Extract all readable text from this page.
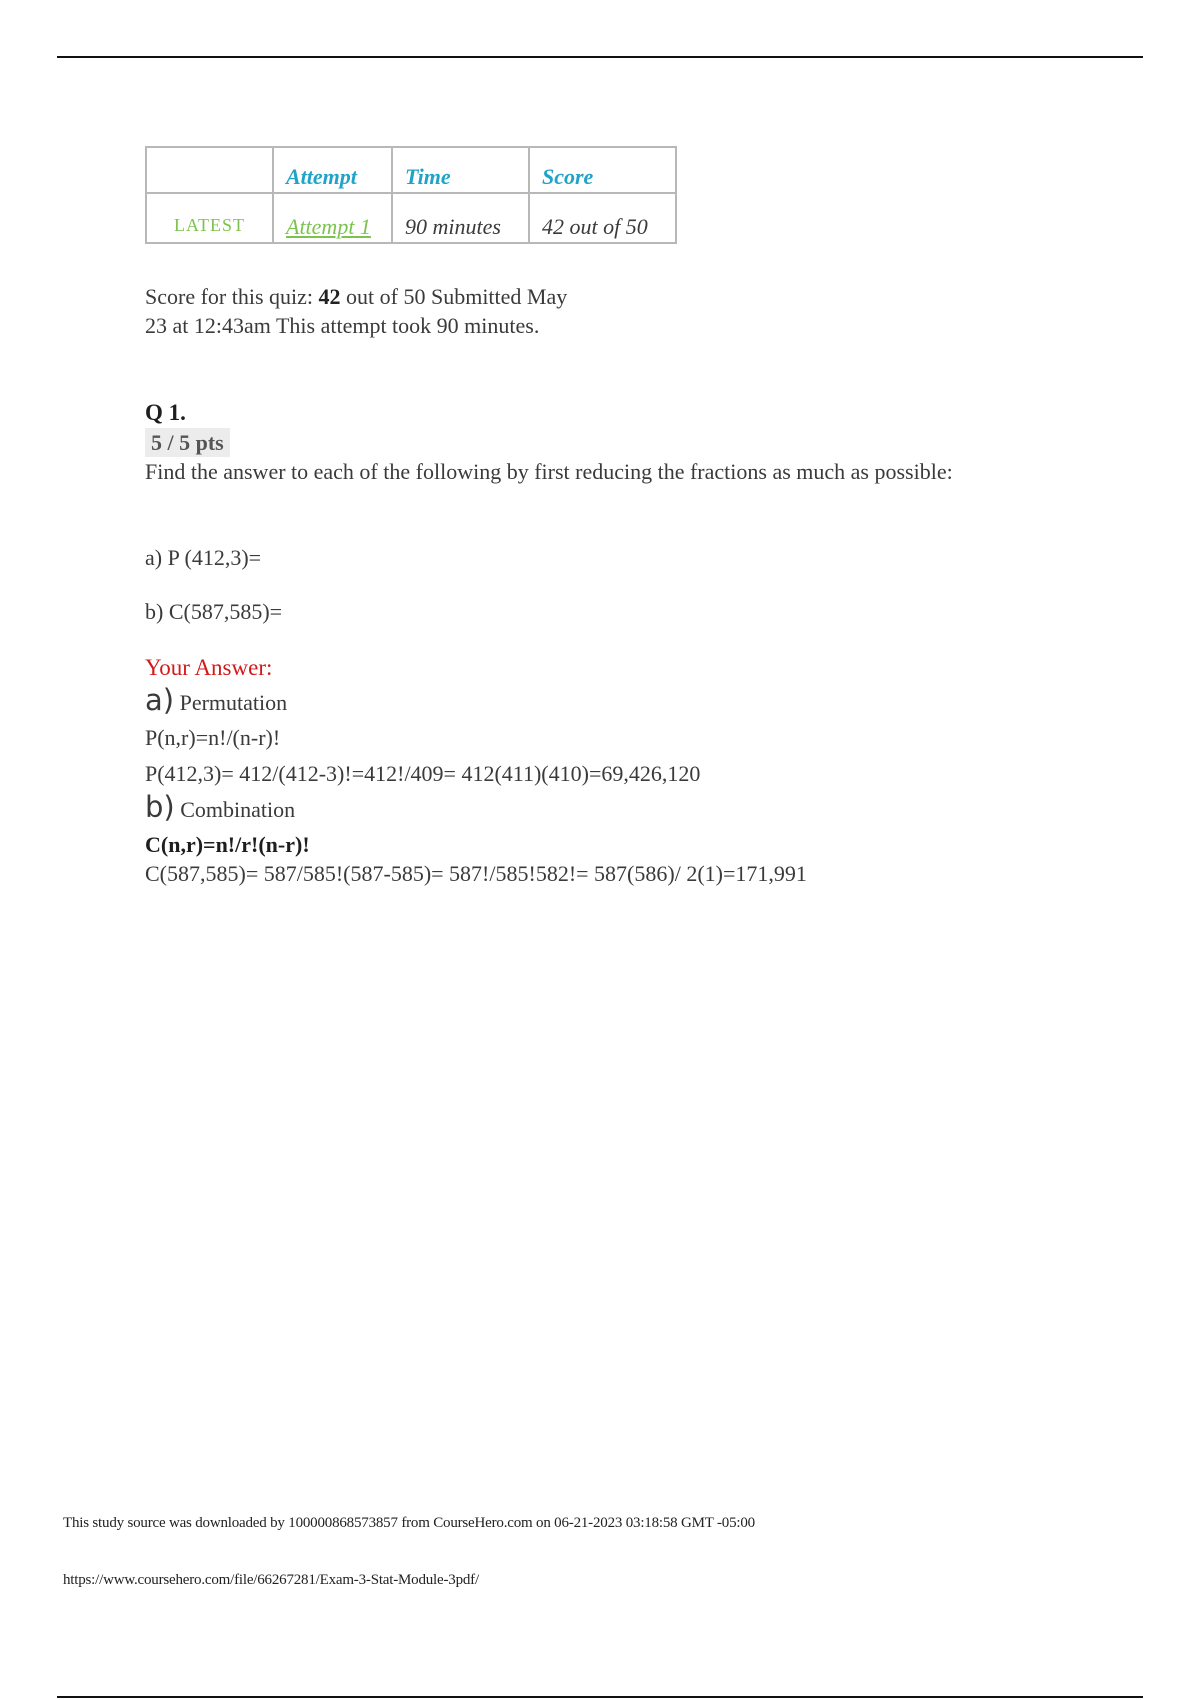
	Attempt	Time	Score
LATEST	Attempt 1	90 minutes	42 out of 50
Score for this quiz: 42 out of 50 Submitted May 23 at 12:43am This attempt took 90 minutes.
Q 1.
5 / 5 pts
Find the answer to each of the following by first reducing the fractions as much as possible:
a) P (412,3)=
b) C(587,585)=
Your Answer:
a) Permutation
P(n,r)=n!/(n-r)!
P(412,3)= 412/(412-3)!=412!/409= 412(411)(410)=69,426,120
b) Combination
C(n,r)=n!/r!(n-r)!
C(587,585)= 587/585!(587-585)= 587!/585!582!= 587(586)/ 2(1)=171,991
This study source was downloaded by 100000868573857 from CourseHero.com on 06-21-2023 03:18:58 GMT -05:00
https://www.coursehero.com/file/66267281/Exam-3-Stat-Module-3pdf/
